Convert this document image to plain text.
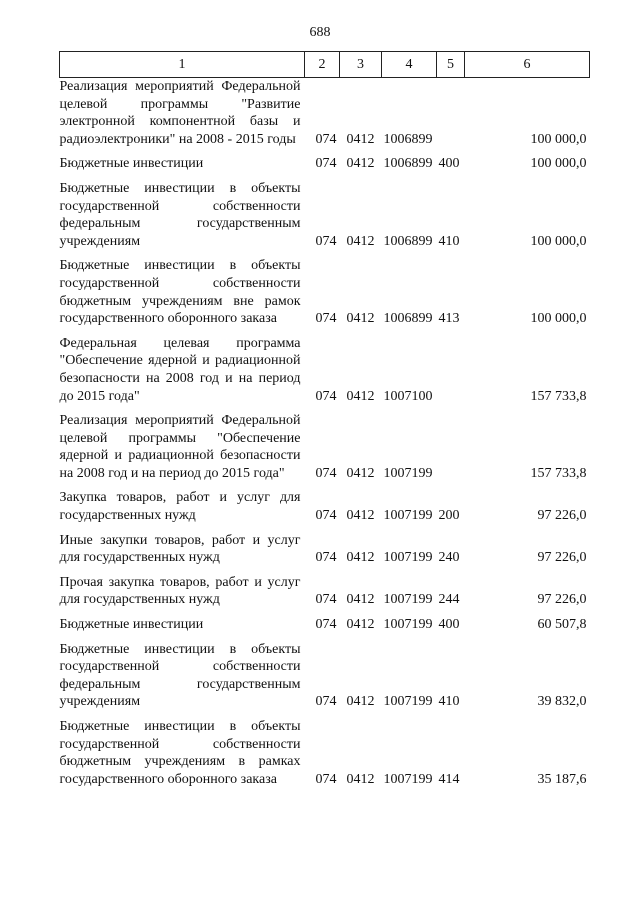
688
1	2	3	4	5	6
Реализация мероприятий Федеральной целевой программы "Развитие электронной компонентной базы и радиоэлектроники" на 2008 - 2015 годы	074	0412	1006899		100 000,0

Бюджетные инвестиции	074	0412	1006899	400	100 000,0

Бюджетные инвестиции в объекты государственной собственности федеральным государственным учреждениям	074	0412	1006899	410	100 000,0

Бюджетные инвестиции в объекты государственной собственности бюджетным учреждениям вне рамок государственного оборонного заказа	074	0412	1006899	413	100 000,0

Федеральная целевая программа "Обеспечение ядерной и радиационной безопасности на 2008 год и на период до 2015 года"	074	0412	1007100		157 733,8

Реализация мероприятий Федеральной целевой программы "Обеспечение ядерной и радиационной безопасности на 2008 год и на период до 2015 года"	074	0412	1007199		157 733,8

Закупка товаров, работ и услуг для государственных нужд	074	0412	1007199	200	97 226,0

Иные закупки товаров, работ и услуг для государственных нужд	074	0412	1007199	240	97 226,0

Прочая закупка товаров, работ и услуг для государственных нужд	074	0412	1007199	244	97 226,0

Бюджетные инвестиции	074	0412	1007199	400	60 507,8

Бюджетные инвестиции в объекты государственной собственности федеральным государственным учреждениям	074	0412	1007199	410	39 832,0

Бюджетные инвестиции в объекты государственной собственности бюджетным учреждениям в рамках государственного оборонного заказа	074	0412	1007199	414	35 187,6
